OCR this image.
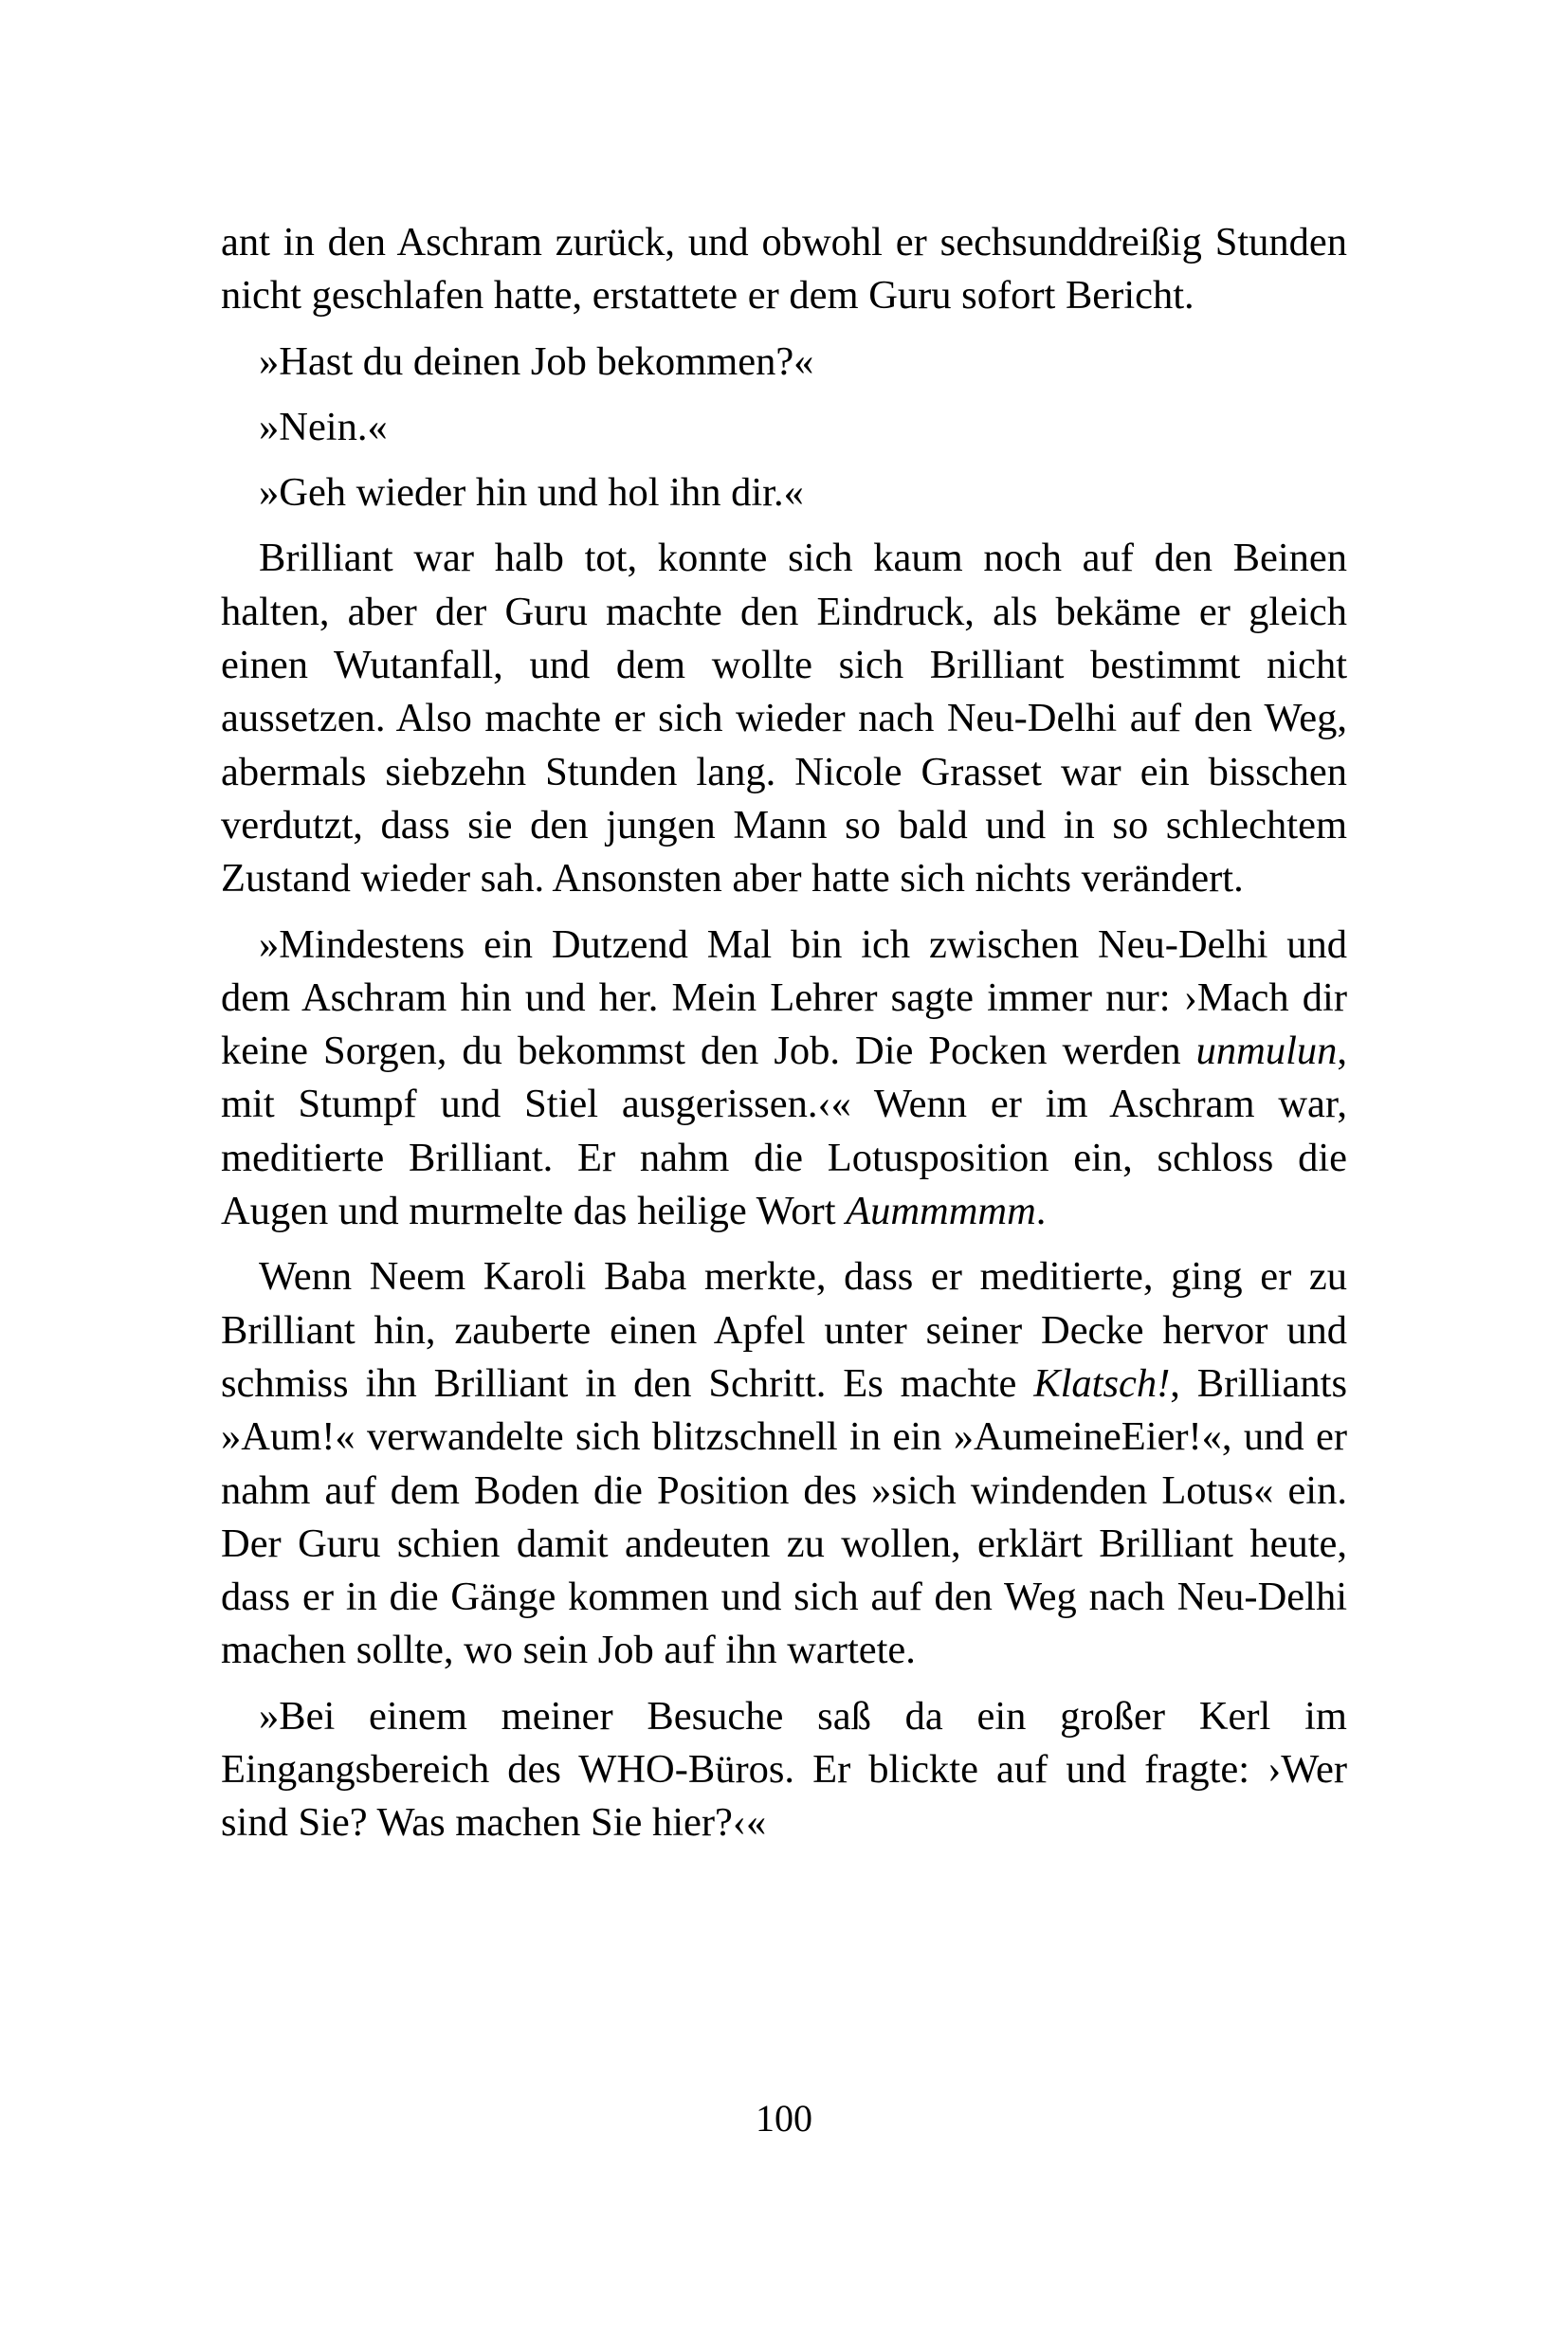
ant in den Aschram zurück, und obwohl er sechsunddreißig Stunden nicht geschlafen hatte, erstattete er dem Guru sofort Bericht.

»Hast du deinen Job bekommen?«

»Nein.«

»Geh wieder hin und hol ihn dir.«

Brilliant war halb tot, konnte sich kaum noch auf den Beinen halten, aber der Guru machte den Eindruck, als bekäme er gleich einen Wutanfall, und dem wollte sich Brilliant bestimmt nicht aussetzen. Also machte er sich wieder nach Neu-Delhi auf den Weg, abermals siebzehn Stunden lang. Nicole Grasset war ein bisschen verdutzt, dass sie den jungen Mann so bald und in so schlechtem Zustand wieder sah. Ansonsten aber hatte sich nichts verändert.

»Mindestens ein Dutzend Mal bin ich zwischen Neu-Delhi und dem Aschram hin und her. Mein Lehrer sagte immer nur: ›Mach dir keine Sorgen, du bekommst den Job. Die Pocken werden unmulun, mit Stumpf und Stiel ausgerissen.‹« Wenn er im Aschram war, meditierte Brilliant. Er nahm die Lotusposition ein, schloss die Augen und murmelte das heilige Wort Aummmmm.

Wenn Neem Karoli Baba merkte, dass er meditierte, ging er zu Brilliant hin, zauberte einen Apfel unter seiner Decke hervor und schmiss ihn Brilliant in den Schritt. Es machte Klatsch!, Brilliants »Aum!« verwandelte sich blitzschnell in ein »AumeineEier!«, und er nahm auf dem Boden die Position des »sich windenden Lotus« ein. Der Guru schien damit andeuten zu wollen, erklärt Brilliant heute, dass er in die Gänge kommen und sich auf den Weg nach Neu-Delhi machen sollte, wo sein Job auf ihn wartete.

»Bei einem meiner Besuche saß da ein großer Kerl im Eingangsbereich des WHO-Büros. Er blickte auf und fragte: ›Wer sind Sie? Was machen Sie hier?‹«

100
